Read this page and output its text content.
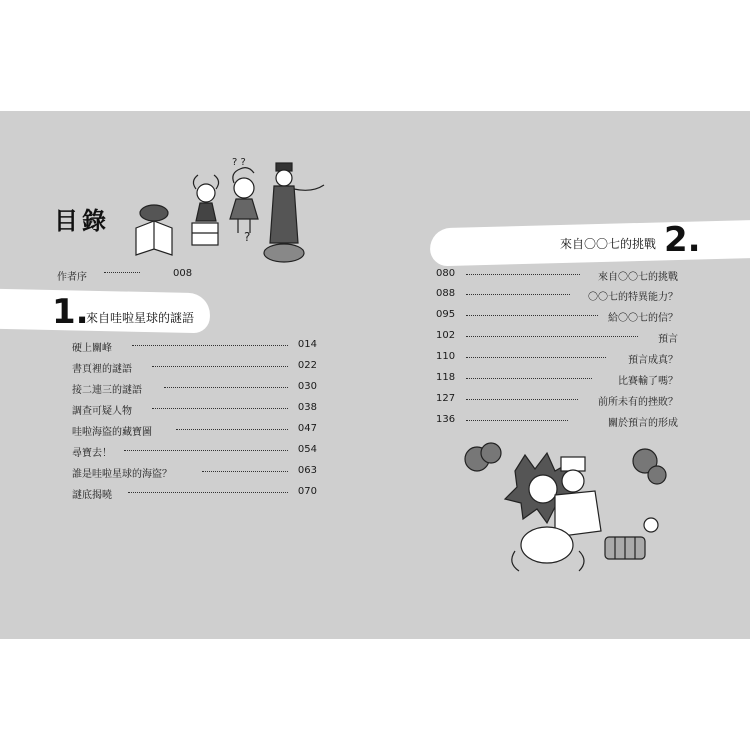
目錄
? ?
?
作者序	008
1.
來自哇啦星球的謎語
硬上關峰	014
書頁裡的謎語	022
接二連三的謎語	030
調查可疑人物	038
哇啦海盜的藏寶圖	047
尋寶去！	054
誰是哇啦星球的海盜？	063
謎底揭曉	070
來自〇〇七的挑戰 2.
080	來自〇〇七的挑戰
088	〇〇七的特異能力？
095	給〇〇七的信？
102	預言
110	預言成真？
118	比賽輸了嗎？
127	前所未有的挫敗？
136	關於預言的形成
